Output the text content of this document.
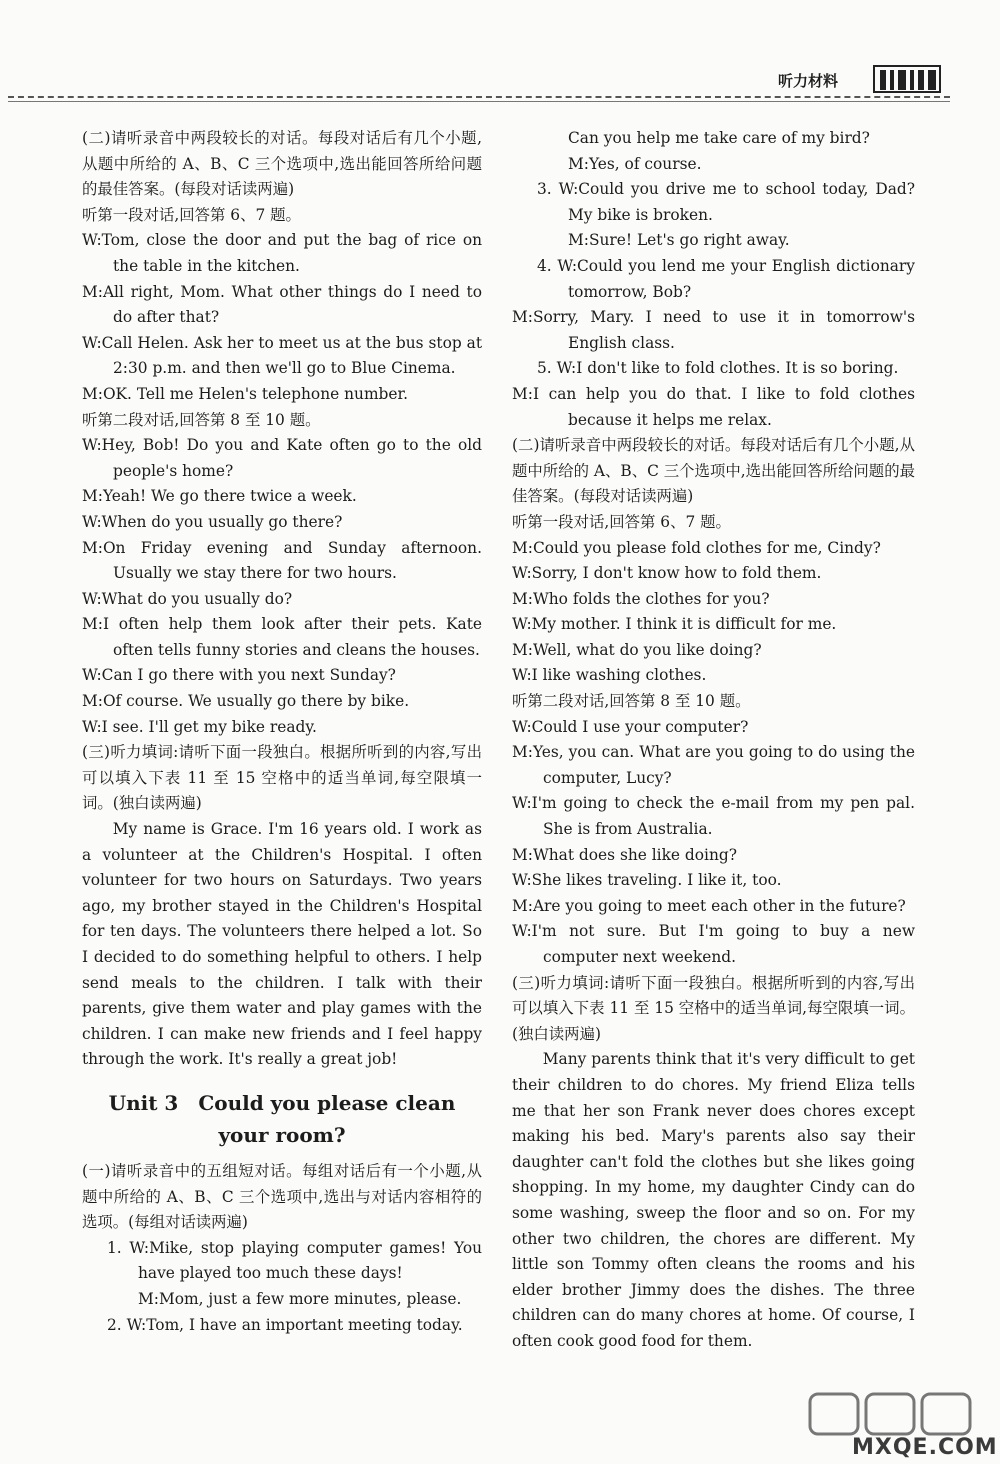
听力材料

(二)请听录音中两段较长的对话。每段对话后有几个小题,从题中所给的 A、B、C 三个选项中,选出能回答所给问题的最佳答案。(每段对话读两遍)

听第一段对话,回答第 6、7 题。

W:Tom, close the door and put the bag of rice on the table in the kitchen.

M:All right, Mom. What other things do I need to do after that?

W:Call Helen. Ask her to meet us at the bus stop at 2:30 p.m. and then we'll go to Blue Cinema.

M:OK. Tell me Helen's telephone number.

听第二段对话,回答第 8 至 10 题。

W:Hey, Bob! Do you and Kate often go to the old people's home?

M:Yeah! We go there twice a week.

W:When do you usually go there?

M:On Friday evening and Sunday afternoon. Usually we stay there for two hours.

W:What do you usually do?

M:I often help them look after their pets. Kate often tells funny stories and cleans the houses.

W:Can I go there with you next Sunday?

M:Of course. We usually go there by bike.

W:I see. I'll get my bike ready.

(三)听力填词:请听下面一段独白。根据所听到的内容,写出可以填入下表 11 至 15 空格中的适当单词,每空限填一词。(独白读两遍)

My name is Grace. I'm 16 years old. I work as a volunteer at the Children's Hospital. I often volunteer for two hours on Saturdays. Two years ago, my brother stayed in the Children's Hospital for ten days. The volunteers there helped a lot. So I decided to do something helpful to others. I help send meals to the children. I talk with their parents, give them water and play games with the children. I can make new friends and I feel happy through the work. It's really a great job!

Unit 3　Could you please clean
your room?

(一)请听录音中的五组短对话。每组对话后有一个小题,从题中所给的 A、B、C 三个选项中,选出与对话内容相符的选项。(每组对话读两遍)

1. W:Mike, stop playing computer games! You have played too much these days!

M:Mom, just a few more minutes, please.

2. W:Tom, I have an important meeting today.

Can you help me take care of my bird?

M:Yes, of course.

3. W:Could you drive me to school today, Dad? My bike is broken.

M:Sure! Let's go right away.

4. W:Could you lend me your English dictionary tomorrow, Bob?

M:Sorry, Mary. I need to use it in tomorrow's English class.

5. W:I don't like to fold clothes. It is so boring.

M:I can help you do that. I like to fold clothes because it helps me relax.

(二)请听录音中两段较长的对话。每段对话后有几个小题,从题中所给的 A、B、C 三个选项中,选出能回答所给问题的最佳答案。(每段对话读两遍)

听第一段对话,回答第 6、7 题。

M:Could you please fold clothes for me, Cindy?

W:Sorry, I don't know how to fold them.

M:Who folds the clothes for you?

W:My mother. I think it is difficult for me.

M:Well, what do you like doing?

W:I like washing clothes.

听第二段对话,回答第 8 至 10 题。

W:Could I use your computer?

M:Yes, you can. What are you going to do using the computer, Lucy?

W:I'm going to check the e-mail from my pen pal. She is from Australia.

M:What does she like doing?

W:She likes traveling. I like it, too.

M:Are you going to meet each other in the future?

W:I'm not sure. But I'm going to buy a new computer next weekend.

(三)听力填词:请听下面一段独白。根据所听到的内容,写出可以填入下表 11 至 15 空格中的适当单词,每空限填一词。(独白读两遍)

Many parents think that it's very difficult to get their children to do chores. My friend Eliza tells me that her son Frank never does chores except making his bed. Mary's parents also say their daughter can't fold the clothes but she likes going shopping. In my home, my daughter Cindy can do some washing, sweep the floor and so on. For my other two children, the chores are different. My little son Tommy often cleans the rooms and his elder brother Jimmy does the dishes. The three children can do many chores at home. Of course, I often cook good food for them.

MXQE.COM
